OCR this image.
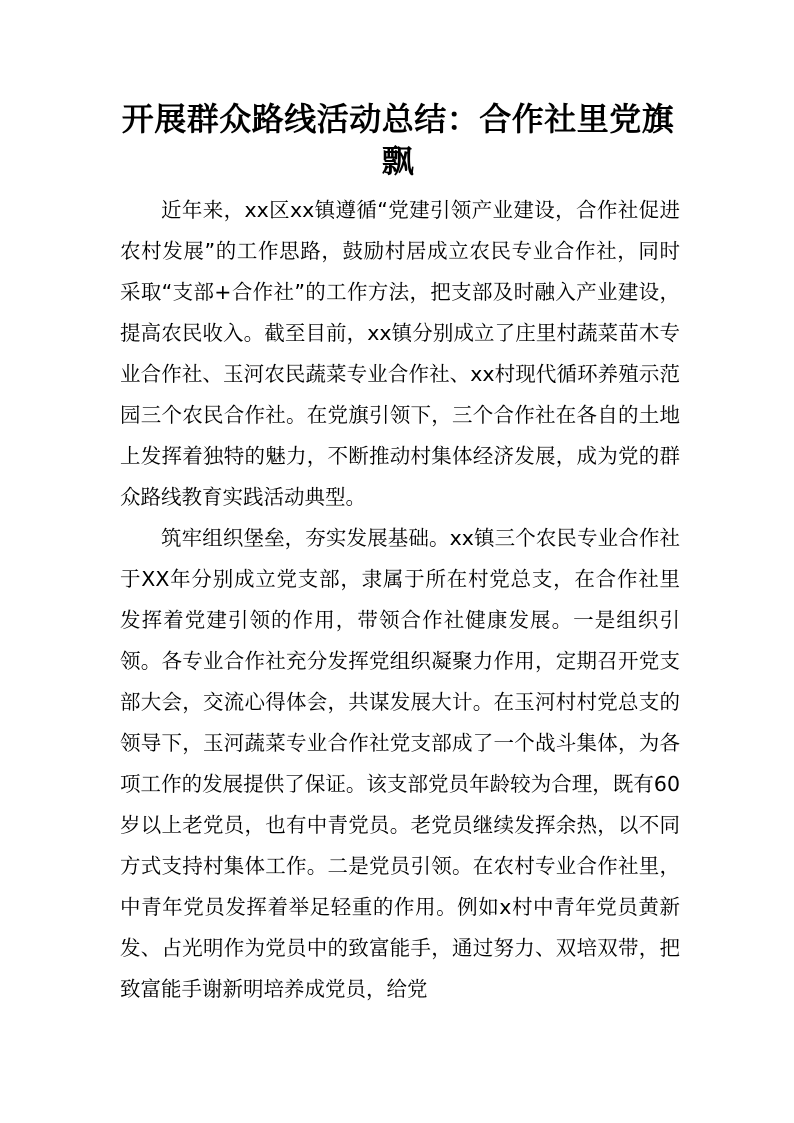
开展群众路线活动总结：合作社里党旗飘

近年来，xx区xx镇遵循“党建引领产业建设，合作社促进农村发展”的工作思路，鼓励村居成立农民专业合作社，同时采取“支部+合作社”的工作方法，把支部及时融入产业建设，提高农民收入。截至目前，xx镇分别成立了庄里村蔬菜苗木专业合作社、玉河农民蔬菜专业合作社、xx村现代循环养殖示范园三个农民合作社。在党旗引领下，三个合作社在各自的土地上发挥着独特的魅力，不断推动村集体经济发展，成为党的群众路线教育实践活动典型。

筑牢组织堡垒，夯实发展基础。xx镇三个农民专业合作社于XX年分别成立党支部，隶属于所在村党总支，在合作社里发挥着党建引领的作用，带领合作社健康发展。一是组织引领。各专业合作社充分发挥党组织凝聚力作用，定期召开党支部大会，交流心得体会，共谋发展大计。在玉河村村党总支的领导下，玉河蔬菜专业合作社党支部成了一个战斗集体，为各项工作的发展提供了保证。该支部党员年龄较为合理，既有60岁以上老党员，也有中青党员。老党员继续发挥余热，以不同方式支持村集体工作。二是党员引领。在农村专业合作社里，中青年党员发挥着举足轻重的作用。例如x村中青年党员黄新发、占光明作为党员中的致富能手，通过努力、双培双带，把致富能手谢新明培养成党员，给党
